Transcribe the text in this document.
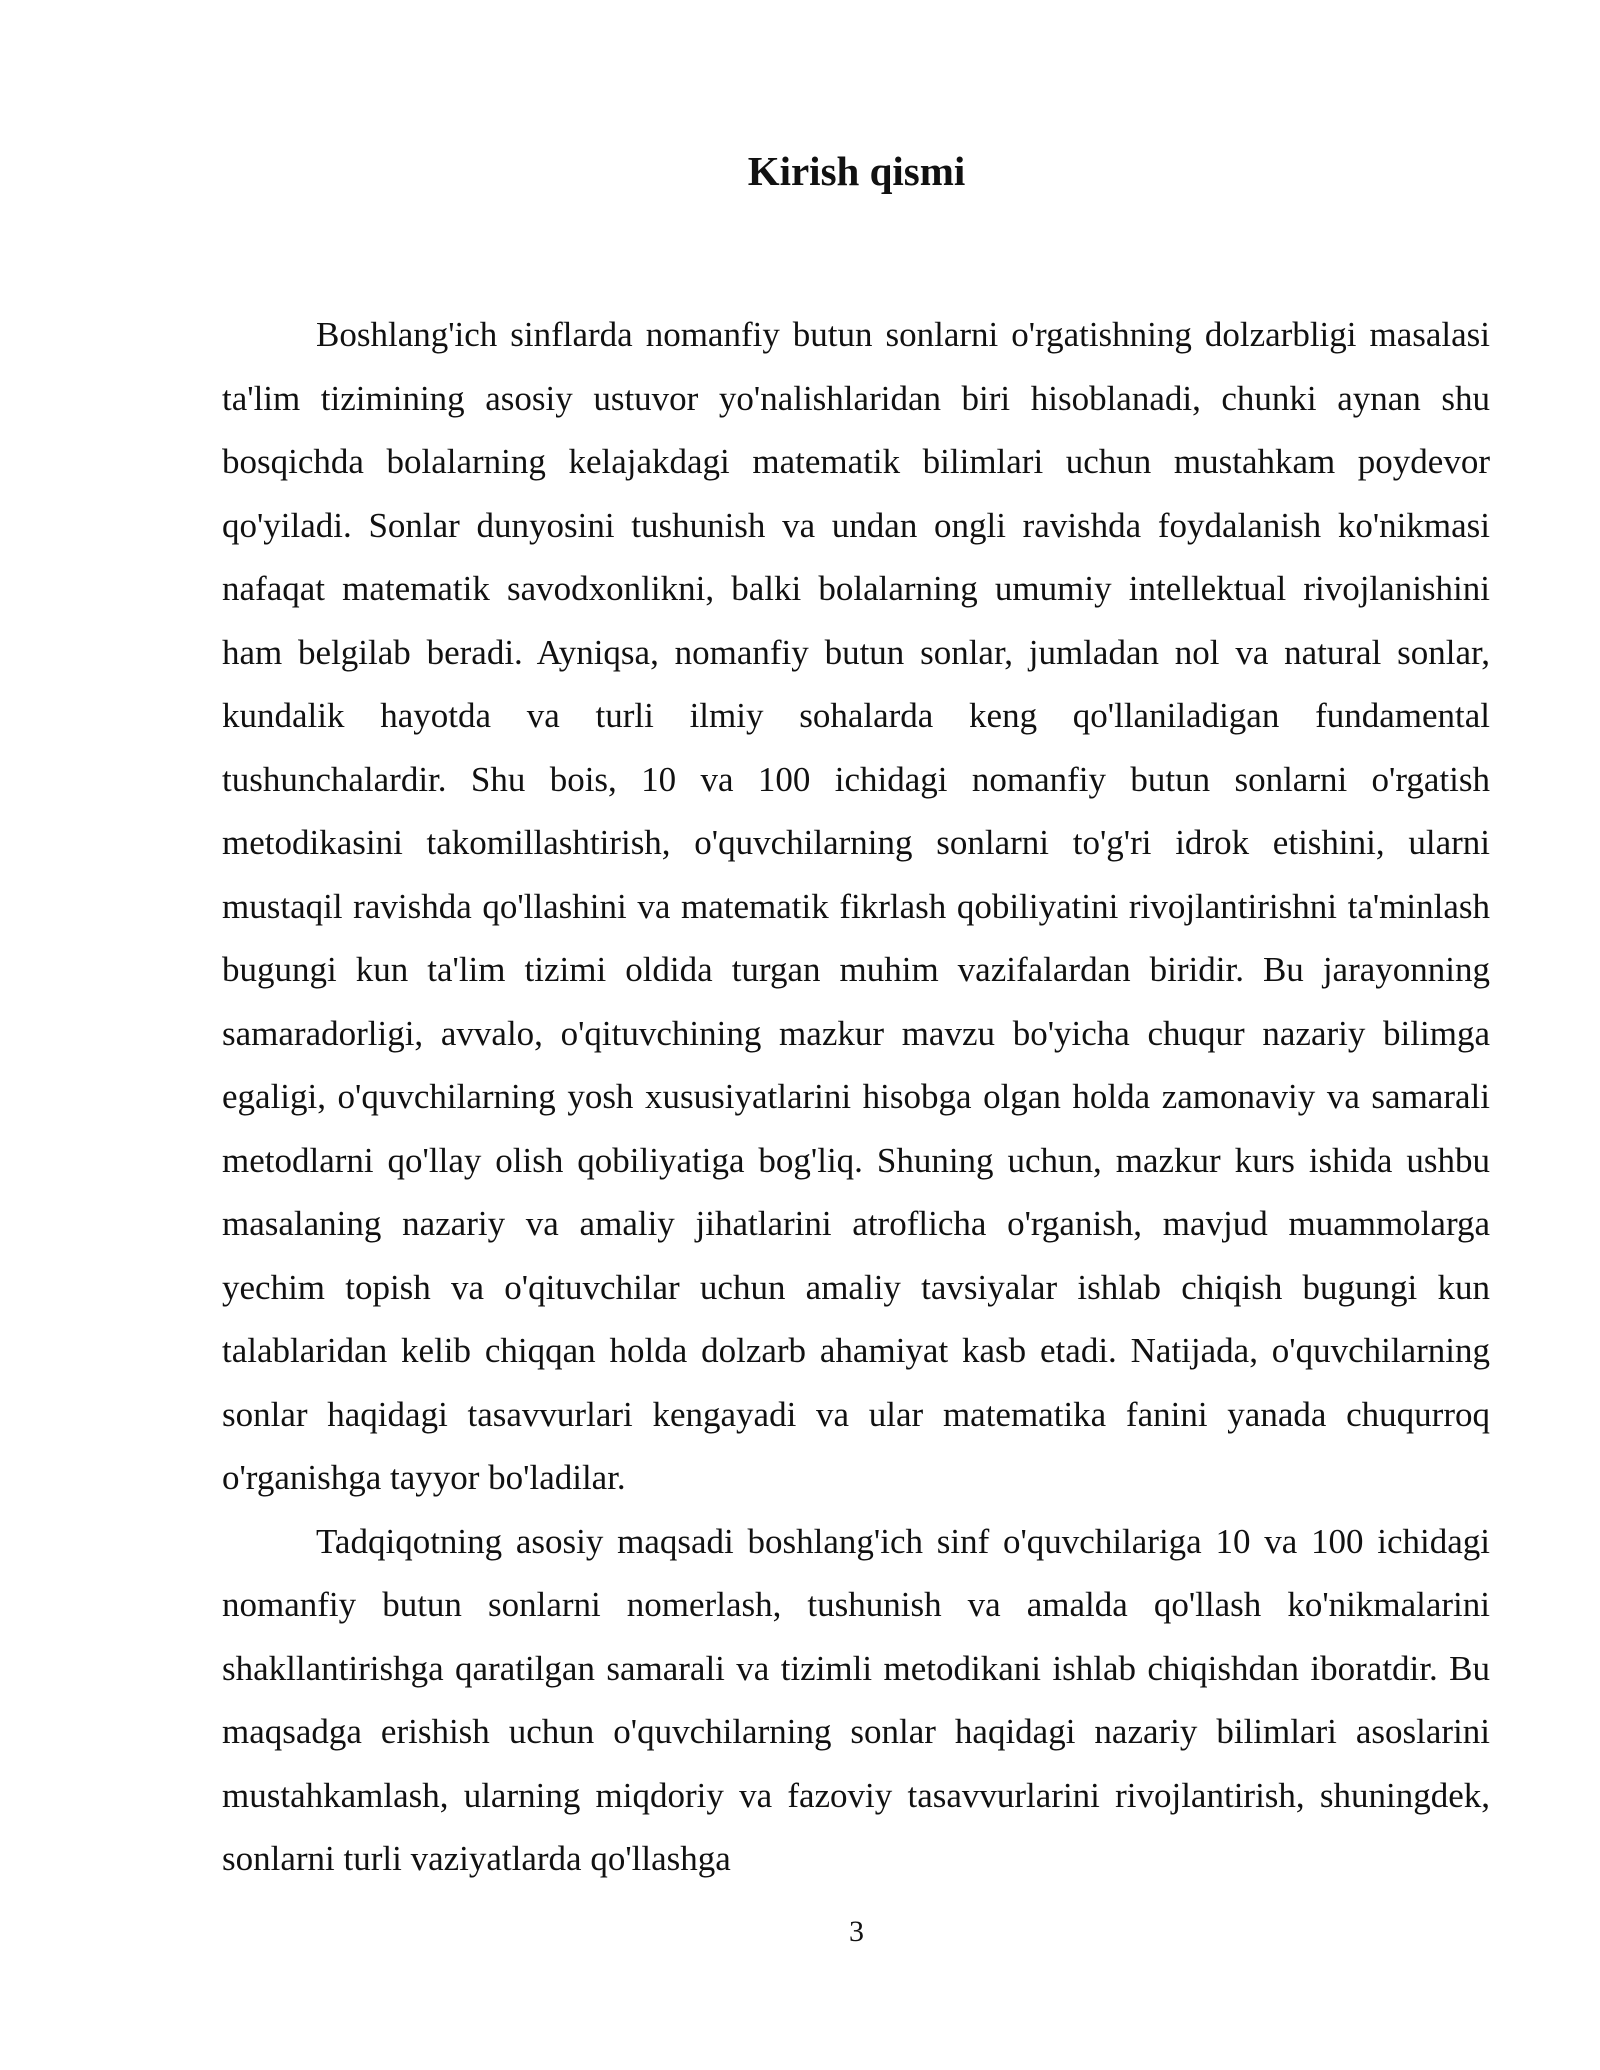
Kirish qismi

Boshlang'ich sinflarda nomanfiy butun sonlarni o'rgatishning dolzarbligi masalasi ta'lim tizimining asosiy ustuvor yo'nalishlaridan biri hisoblanadi, chunki aynan shu bosqichda bolalarning kelajakdagi matematik bilimlari uchun mustahkam poydevor qo'yiladi. Sonlar dunyosini tushunish va undan ongli ravishda foydalanish ko'nikmasi nafaqat matematik savodxonlikni, balki bolalarning umumiy intellektual rivojlanishini ham belgilab beradi. Ayniqsa, nomanfiy butun sonlar, jumladan nol va natural sonlar, kundalik hayotda va turli ilmiy sohalarda keng qo'llaniladigan fundamental tushunchalardir. Shu bois, 10 va 100 ichidagi nomanfiy butun sonlarni o'rgatish metodikasini takomillashtirish, o'quvchilarning sonlarni to'g'ri idrok etishini, ularni mustaqil ravishda qo'llashini va matematik fikrlash qobiliyatini rivojlantirishni ta'minlash bugungi kun ta'lim tizimi oldida turgan muhim vazifalardan biridir. Bu jarayonning samaradorligi, avvalo, o'qituvchining mazkur mavzu bo'yicha chuqur nazariy bilimga egaligi, o'quvchilarning yosh xususiyatlarini hisobga olgan holda zamonaviy va samarali metodlarni qo'llay olish qobiliyatiga bog'liq. Shuning uchun, mazkur kurs ishida ushbu masalaning nazariy va amaliy jihatlarini atroflicha o'rganish, mavjud muammolarga yechim topish va o'qituvchilar uchun amaliy tavsiyalar ishlab chiqish bugungi kun talablaridan kelib chiqqan holda dolzarb ahamiyat kasb etadi. Natijada, o'quvchilarning sonlar haqidagi tasavvurlari kengayadi va ular matematika fanini yanada chuqurroq o'rganishga tayyor bo'ladilar.

Tadqiqotning asosiy maqsadi boshlang'ich sinf o'quvchilariga 10 va 100 ichidagi nomanfiy butun sonlarni nomerlash, tushunish va amalda qo'llash ko'nikmalarini shakllantirishga qaratilgan samarali va tizimli metodikani ishlab chiqishdan iboratdir. Bu maqsadga erishish uchun o'quvchilarning sonlar haqidagi nazariy bilimlari asoslarini mustahkamlash, ularning miqdoriy va fazoviy tasavvurlarini rivojlantirish, shuningdek, sonlarni turli vaziyatlarda qo'llashga

3
